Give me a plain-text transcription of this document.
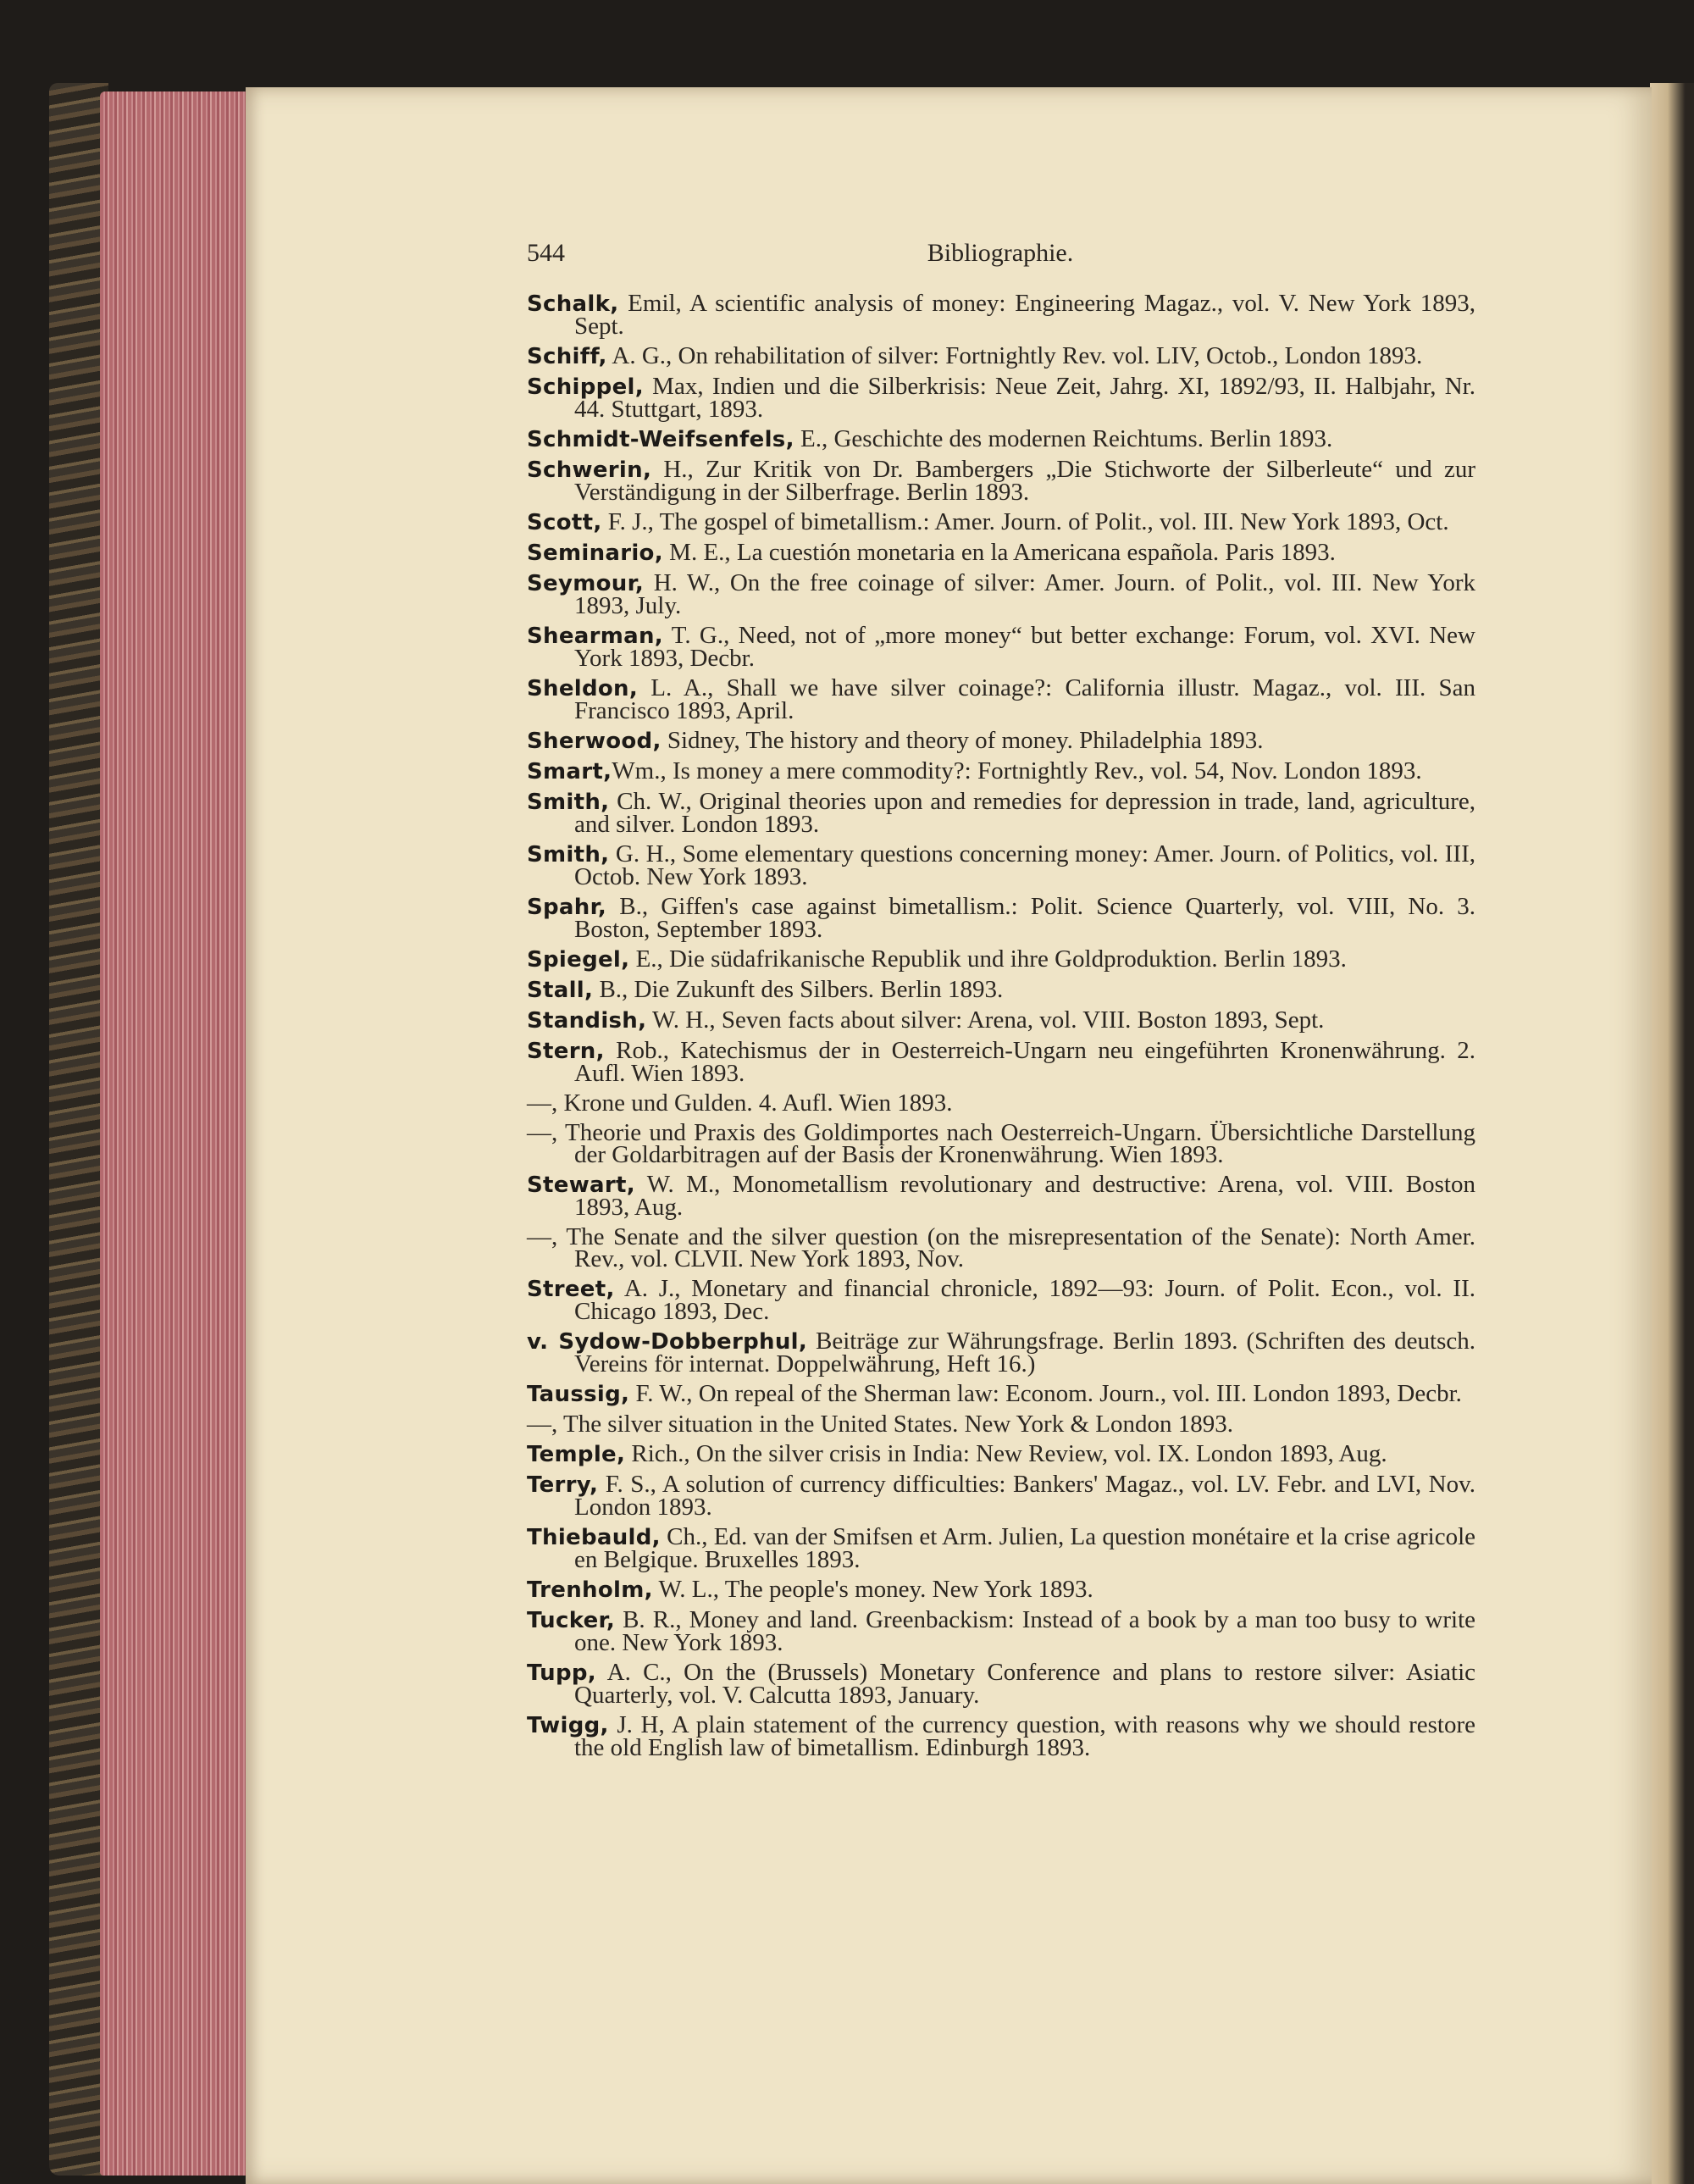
544	Bibliographie.

Schalk, Emil, A scientific analysis of money: Engineering Magaz., vol. V. New York 1893, Sept.

Schiff, A. G., On rehabilitation of silver: Fortnightly Rev. vol. LIV, Octob., London 1893.

Schippel, Max, Indien und die Silberkrisis: Neue Zeit, Jahrg. XI, 1892/93, II. Halbjahr, Nr. 44. Stuttgart, 1893.

Schmidt-Weifsenfels, E., Geschichte des modernen Reichtums. Berlin 1893.

Schwerin, H., Zur Kritik von Dr. Bambergers „Die Stichworte der Silberleute“ und zur Verständigung in der Silberfrage. Berlin 1893.

Scott, F. J., The gospel of bimetallism.: Amer. Journ. of Polit., vol. III. New York 1893, Oct.

Seminario, M. E., La cuestión monetaria en la Americana española. Paris 1893.

Seymour, H. W., On the free coinage of silver: Amer. Journ. of Polit., vol. III. New York 1893, July.

Shearman, T. G., Need, not of „more money“ but better exchange: Forum, vol. XVI. New York 1893, Decbr.

Sheldon, L. A., Shall we have silver coinage?: California illustr. Magaz., vol. III. San Francisco 1893, April.

Sherwood, Sidney, The history and theory of money. Philadelphia 1893.

Smart,Wm., Is money a mere commodity?: Fortnightly Rev., vol. 54, Nov. London 1893.

Smith, Ch. W., Original theories upon and remedies for depression in trade, land, agriculture, and silver. London 1893.

Smith, G. H., Some elementary questions concerning money: Amer. Journ. of Politics, vol. III, Octob. New York 1893.

Spahr, B., Giffen's case against bimetallism.: Polit. Science Quarterly, vol. VIII, No. 3. Boston, September 1893.

Spiegel, E., Die südafrikanische Republik und ihre Goldproduktion. Berlin 1893.

Stall, B., Die Zukunft des Silbers. Berlin 1893.

Standish, W. H., Seven facts about silver: Arena, vol. VIII. Boston 1893, Sept.

Stern, Rob., Katechismus der in Oesterreich-Ungarn neu eingeführten Kronenwährung. 2. Aufl. Wien 1893.

—, Krone und Gulden. 4. Aufl. Wien 1893.

—, Theorie und Praxis des Goldimportes nach Oesterreich-Ungarn. Übersichtliche Darstellung der Goldarbitragen auf der Basis der Kronenwährung. Wien 1893.

Stewart, W. M., Monometallism revolutionary and destructive: Arena, vol. VIII. Boston 1893, Aug.

—, The Senate and the silver question (on the misrepresentation of the Senate): North Amer. Rev., vol. CLVII. New York 1893, Nov.

Street, A. J., Monetary and financial chronicle, 1892—93: Journ. of Polit. Econ., vol. II. Chicago 1893, Dec.

v. Sydow-Dobberphul, Beiträge zur Währungsfrage. Berlin 1893. (Schriften des deutsch. Vereins för internat. Doppelwährung, Heft 16.)

Taussig, F. W., On repeal of the Sherman law: Econom. Journ., vol. III. London 1893, Decbr.

—, The silver situation in the United States. New York & London 1893.

Temple, Rich., On the silver crisis in India: New Review, vol. IX. London 1893, Aug.

Terry, F. S., A solution of currency difficulties: Bankers' Magaz., vol. LV. Febr. and LVI, Nov. London 1893.

Thiebauld, Ch., Ed. van der Smifsen et Arm. Julien, La question monétaire et la crise agricole en Belgique. Bruxelles 1893.

Trenholm, W. L., The people's money. New York 1893.

Tucker, B. R., Money and land. Greenbackism: Instead of a book by a man too busy to write one. New York 1893.

Tupp, A. C., On the (Brussels) Monetary Conference and plans to restore silver: Asiatic Quarterly, vol. V. Calcutta 1893, January.

Twigg, J. H, A plain statement of the currency question, with reasons why we should restore the old English law of bimetallism. Edinburgh 1893.
